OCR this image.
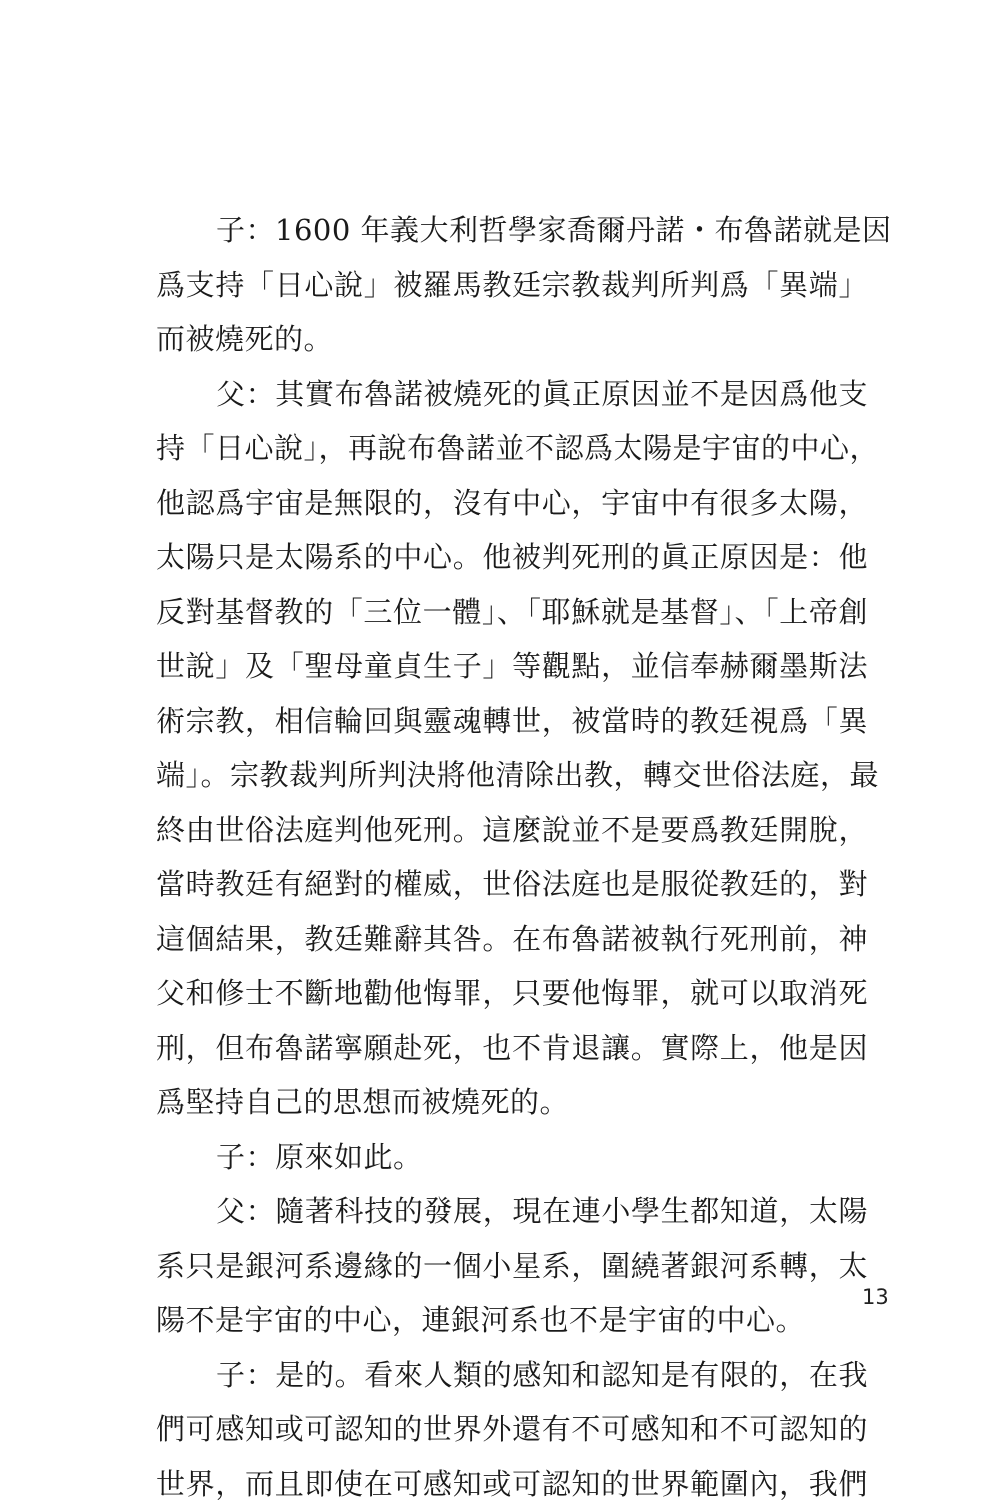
子：1600 年義大利哲學家喬爾丹諾・布魯諾就是因
爲支持「日心說」被羅馬教廷宗教裁判所判爲「異端」
而被燒死的。
父：其實布魯諾被燒死的眞正原因並不是因爲他支
持「日心說」，再說布魯諾並不認爲太陽是宇宙的中心，
他認爲宇宙是無限的，沒有中心，宇宙中有很多太陽，
太陽只是太陽系的中心。他被判死刑的眞正原因是：他
反對基督教的「三位一體」、「耶穌就是基督」、「上帝創
世說」及「聖母童貞生子」等觀點，並信奉赫爾墨斯法
術宗教，相信輪回與靈魂轉世，被當時的教廷視爲「異
端」。宗教裁判所判決將他清除出教，轉交世俗法庭，最
終由世俗法庭判他死刑。這麼說並不是要爲教廷開脫，
當時教廷有絕對的權威，世俗法庭也是服從教廷的，對
這個結果，教廷難辭其咎。在布魯諾被執行死刑前，神
父和修士不斷地勸他悔罪，只要他悔罪，就可以取消死
刑，但布魯諾寧願赴死，也不肯退讓。實際上，他是因
爲堅持自己的思想而被燒死的。
子：原來如此。
父：隨著科技的發展，現在連小學生都知道，太陽
系只是銀河系邊緣的一個小星系，圍繞著銀河系轉，太
陽不是宇宙的中心，連銀河系也不是宇宙的中心。
子：是的。看來人類的感知和認知是有限的，在我
們可感知或可認知的世界外還有不可感知和不可認知的
世界，而且即使在可感知或可認知的世界範圍內，我們
13
